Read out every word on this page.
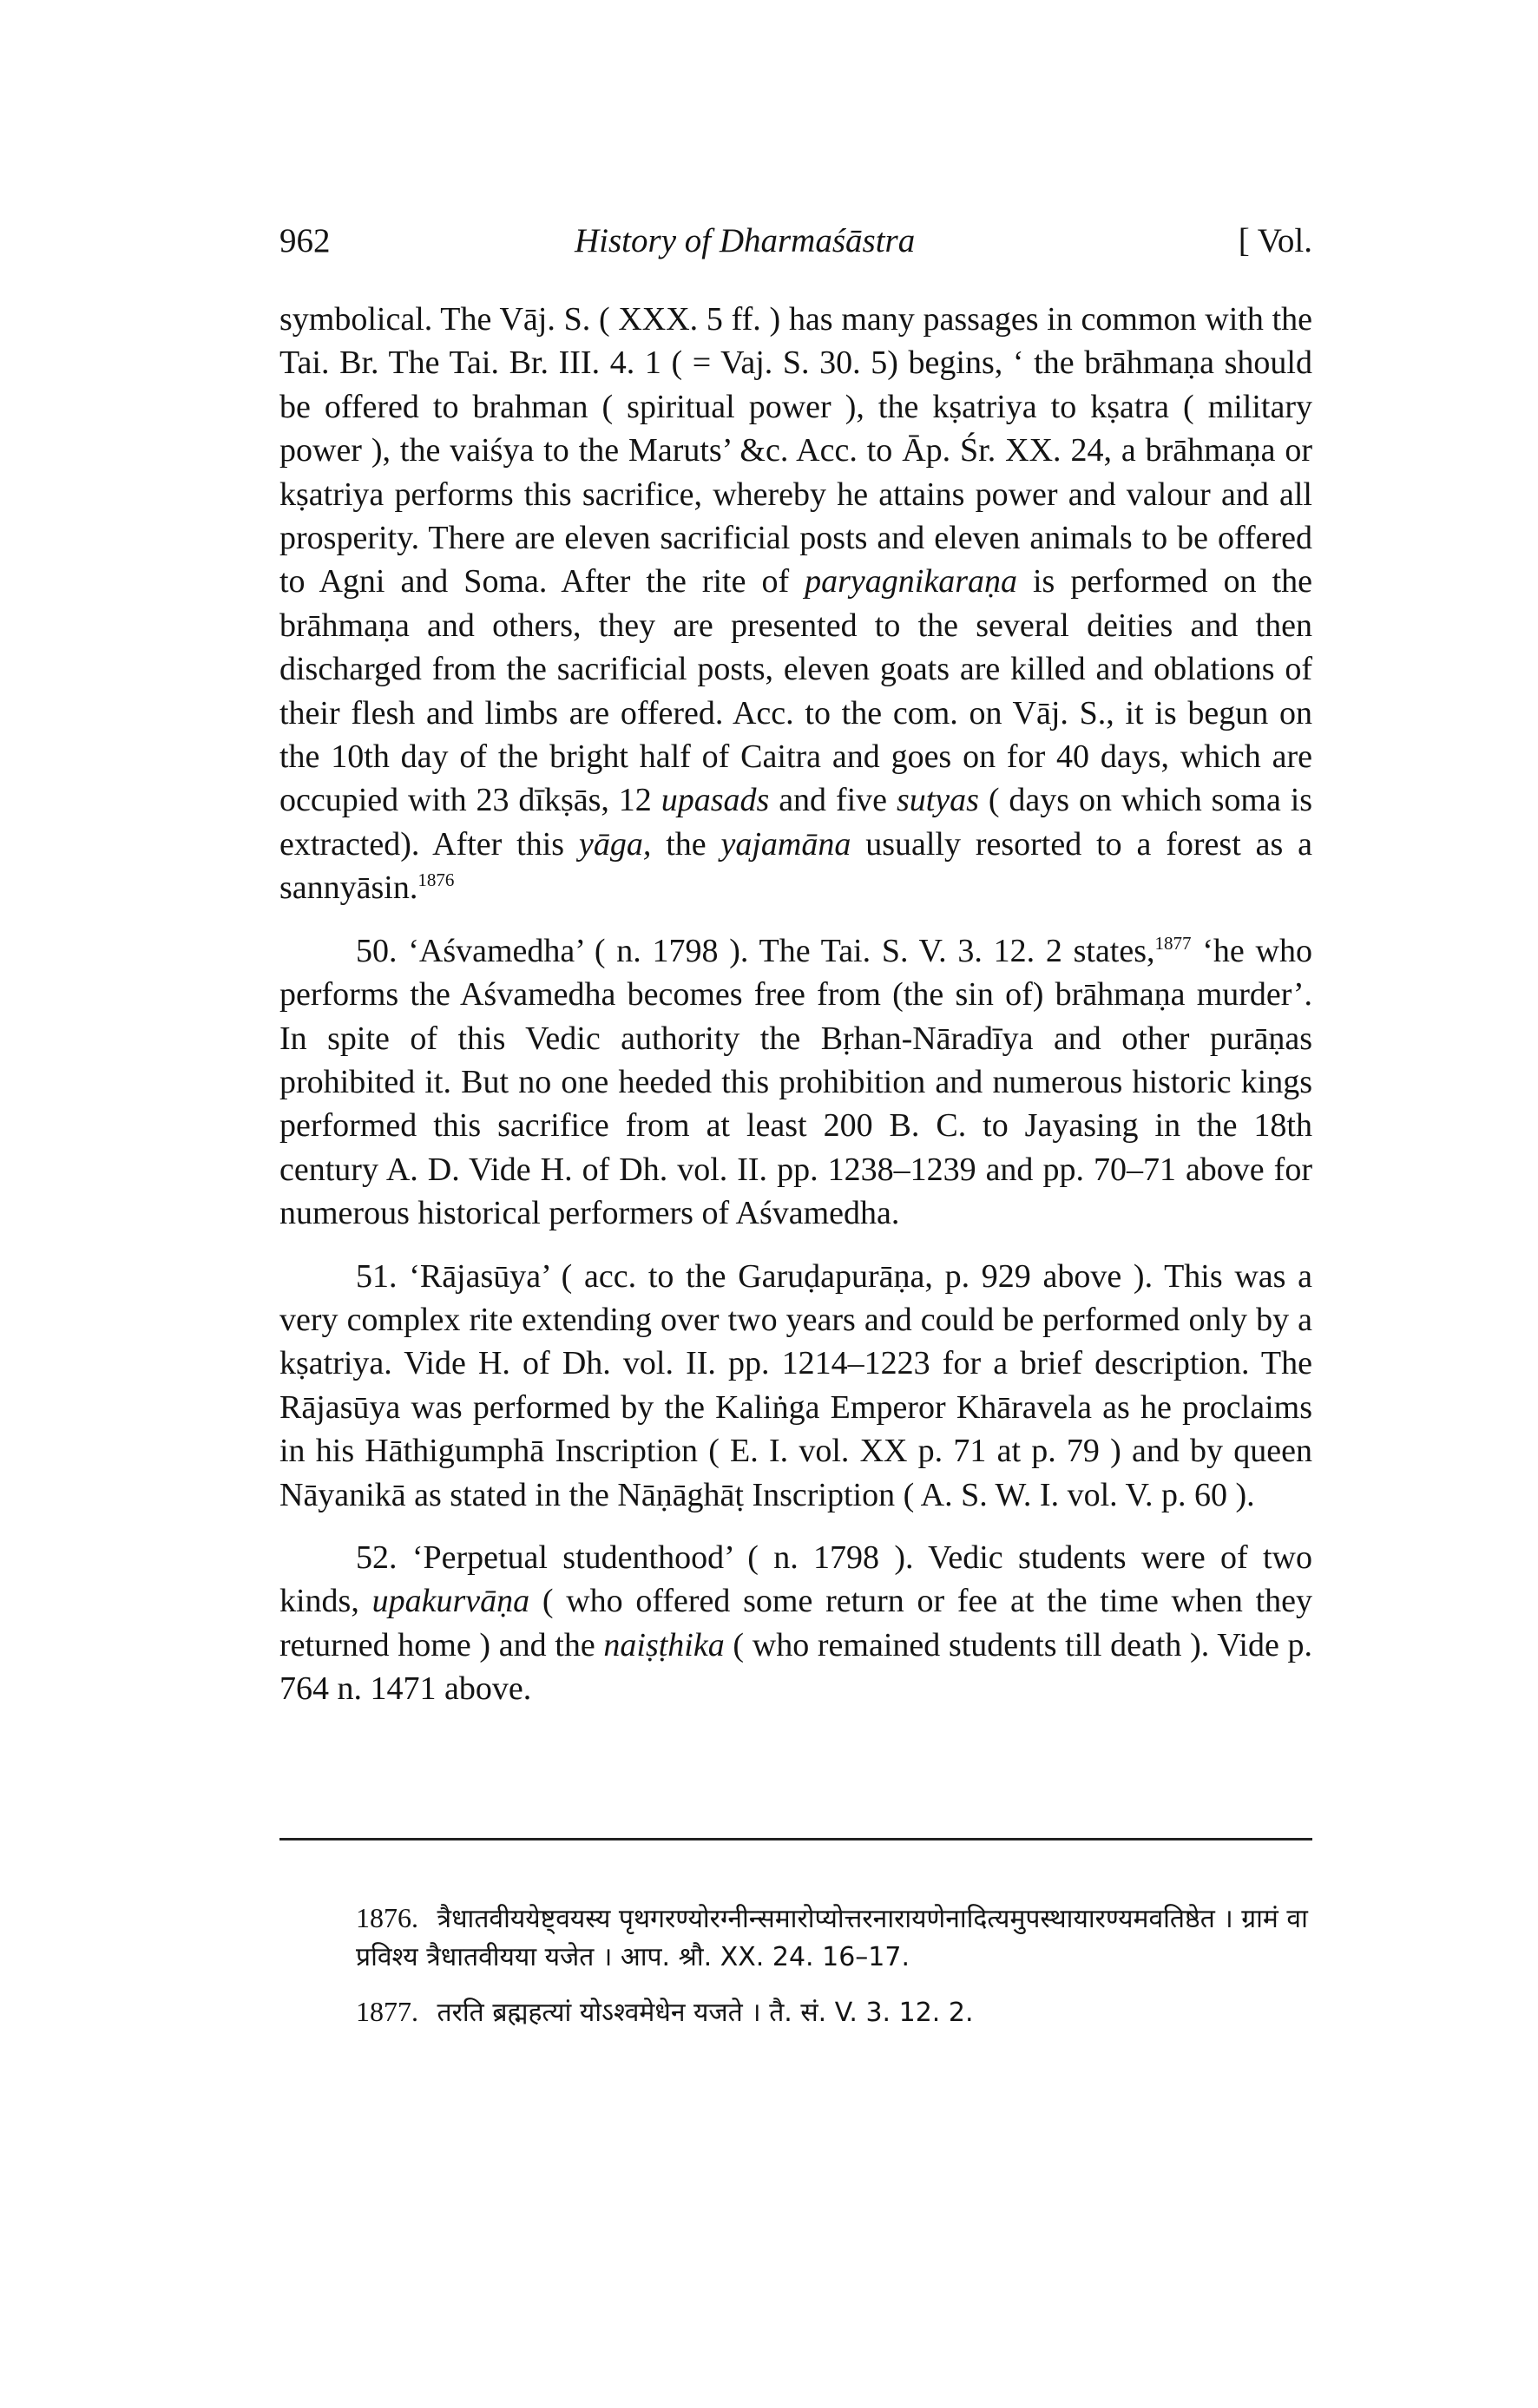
962	History of Dharmaśāstra	[ Vol.

symbolical. The Vāj. S. ( XXX. 5 ff. ) has many passages in common with the Tai. Br. The Tai. Br. III. 4. 1 ( = Vaj. S. 30. 5) begins, ‘ the brāhmaṇa should be offered to brahman ( spiritual power ), the kṣatriya to kṣatra ( military power ), the vaiśya to the Maruts’ &c. Acc. to Āp. Śr. XX. 24, a brāhmaṇa or kṣatriya performs this sacrifice, whereby he attains power and valour and all prosperity. There are eleven sacrificial posts and eleven animals to be offered to Agni and Soma. After the rite of paryagnikaraṇa is performed on the brāhmaṇa and others, they are presented to the several deities and then discharged from the sacrificial posts, eleven goats are killed and oblations of their flesh and limbs are offered. Acc. to the com. on Vāj. S., it is begun on the 10th day of the bright half of Caitra and goes on for 40 days, which are occupied with 23 dīkṣās, 12 upasads and five sutyas ( days on which soma is extracted). After this yāga, the yajamāna usually resorted to a forest as a sannyāsin.$^{1876}$

50. ‘Aśvamedha’ ( n. 1798 ). The Tai. S. V. 3. 12. 2 states,$^{1877}$ ‘he who performs the Aśvamedha becomes free from (the sin of) brāhmaṇa murder’. In spite of this Vedic authority the Bṛhan-Nāradīya and other purāṇas prohibited it. But no one heeded this prohibition and numerous historic kings performed this sacrifice from at least 200 B. C. to Jayasing in the 18th century A. D. Vide H. of Dh. vol. II. pp. 1238–1239 and pp. 70–71 above for numerous historical performers of Aśvamedha.

51. ‘Rājasūya’ ( acc. to the Garuḍapurāṇa, p. 929 above ). This was a very complex rite extending over two years and could be performed only by a kṣatriya. Vide H. of Dh. vol. II. pp. 1214–1223 for a brief description. The Rājasūya was performed by the Kaliṅga Emperor Khāravela as he proclaims in his Hāthigumphā Inscription ( E. I. vol. XX p. 71 at p. 79 ) and by queen Nāyanikā as stated in the Nāṇāghāṭ Inscription ( A. S. W. I. vol. V. p. 60 ).

52. ‘Perpetual studenthood’ ( n. 1798 ). Vedic students were of two kinds, upakurvāṇa ( who offered some return or fee at the time when they returned home ) and the naiṣṭhika ( who remained students till death ). Vide p. 764 n. 1471 above.

1876. त्रैधातवीययेष्ट्वयस्य पृथगरण्योरग्नीन्समारोप्योत्तरनारायणेनादित्यमुपस्थायारण्यमवतिष्ठेत । ग्रामं वा प्रविश्य त्रैधातवीयया यजेत । आप. श्रौ. XX. 24. 16–17.

1877. तरति ब्रह्महत्यां योऽश्वमेधेन यजते । तै. सं. V. 3. 12. 2.
